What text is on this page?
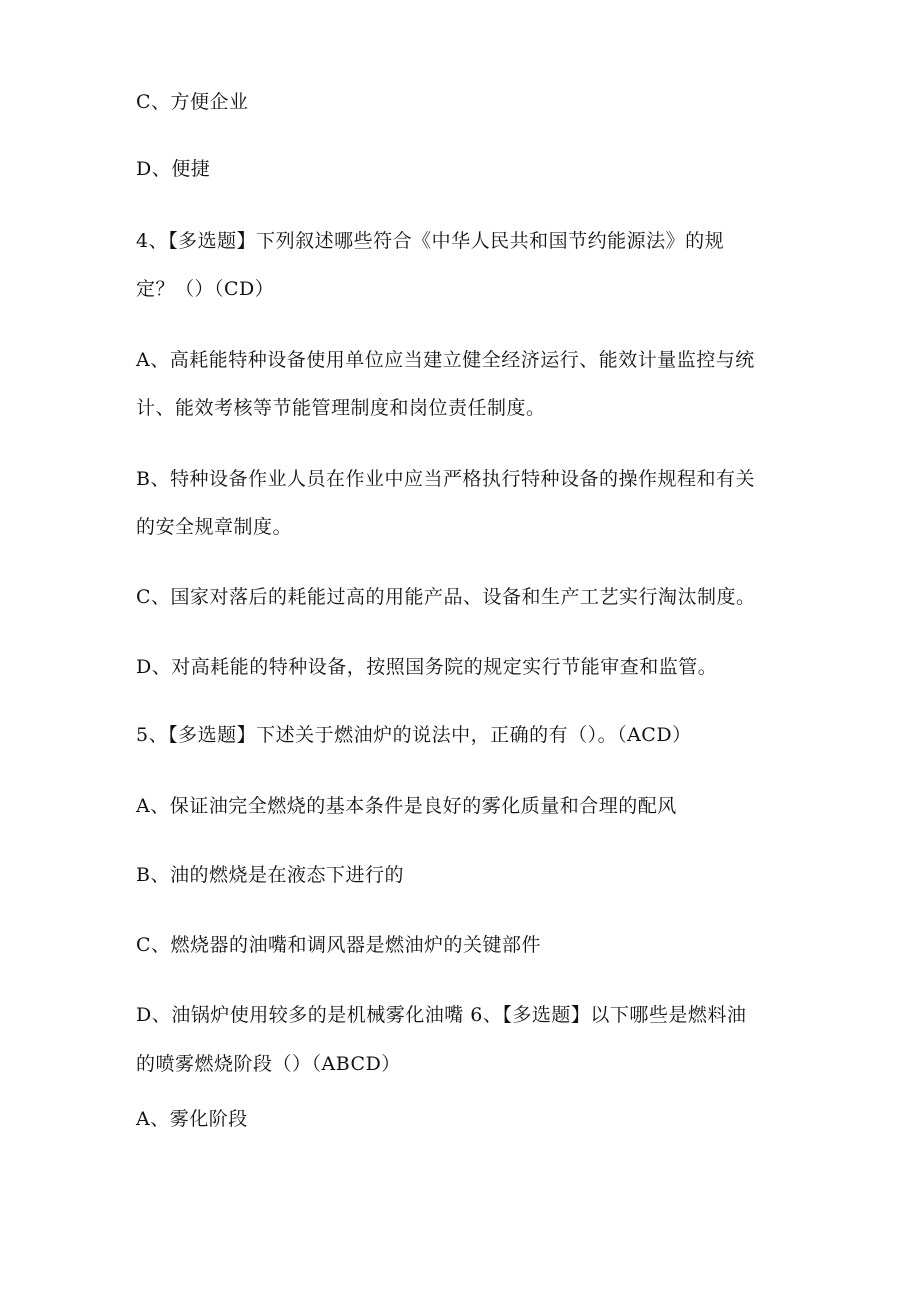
C、方便企业
D、便捷
4、【多选题】下列叙述哪些符合《中华人民共和国节约能源法》的规
定？（）（CD）
A、高耗能特种设备使用单位应当建立健全经济运行、能效计量监控与统
计、能效考核等节能管理制度和岗位责任制度。
B、特种设备作业人员在作业中应当严格执行特种设备的操作规程和有关
的安全规章制度。
C、国家对落后的耗能过高的用能产品、设备和生产工艺实行淘汰制度。
D、对高耗能的特种设备，按照国务院的规定实行节能审查和监管。
5、【多选题】下述关于燃油炉的说法中，正确的有（）。（ACD）
A、保证油完全燃烧的基本条件是良好的雾化质量和合理的配风
B、油的燃烧是在液态下进行的
C、燃烧器的油嘴和调风器是燃油炉的关键部件
D、油锅炉使用较多的是机械雾化油嘴 6、【多选题】以下哪些是燃料油
的喷雾燃烧阶段（）（ABCD）
A、雾化阶段
